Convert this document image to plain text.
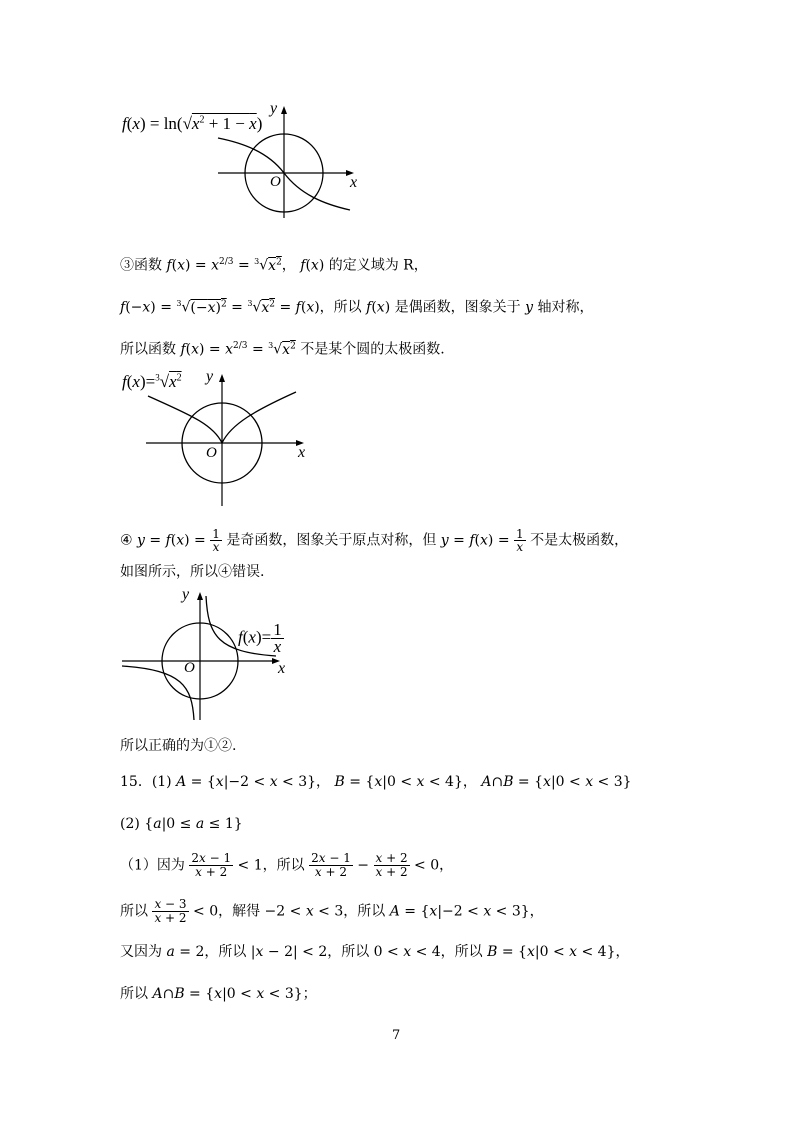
$f(x) = \ln(√x^2 + 1 - x)$
y
x
O
③函数 $f(x) = x^{2/3} = ^3√x^2$， f(x) 的定义域为 R，
$f(-x) = ^3√(-x)^2 = ^3√x^2 = f(x)$，所以 f(x) 是偶函数，图象关于 y 轴对称，
所以函数 $f(x) = x^{2/3} = ^3√x^2$ 不是某个圆的太极函数.
$f(x)=^3√x^2$ y
x
O
④ $y = f(x) = \frac{1}{x}$ 是奇函数，图象关于原点对称，但 $y = f(x) = \frac{1}{x}$ 不是太极函数，
如图所示，所以④错误.
$f(x)= \frac{1}{x}$
y
x
O
所以正确的为①②.
15．(1) A = {x|−2 < x < 3}， B = {x|0 < x < 4}， A∩B = {x|0 < x < 3}
(2) {a|0 ≤ a ≤ 1}
（1）因为 $\frac{2x - 1}{x + 2} < 1$，所以 $\frac{2x - 1}{x + 2} - \frac{x + 2}{x + 2} < 0$，
所以 $\frac{x - 3}{x + 2} < 0$，解得 −2 < x < 3，所以 A = {x|−2 < x < 3}，
又因为 a = 2，所以 |x − 2| < 2，所以 0 < x < 4，所以 B = {x|0 < x < 4}，
所以 A∩B = {x|0 < x < 3}；
7
